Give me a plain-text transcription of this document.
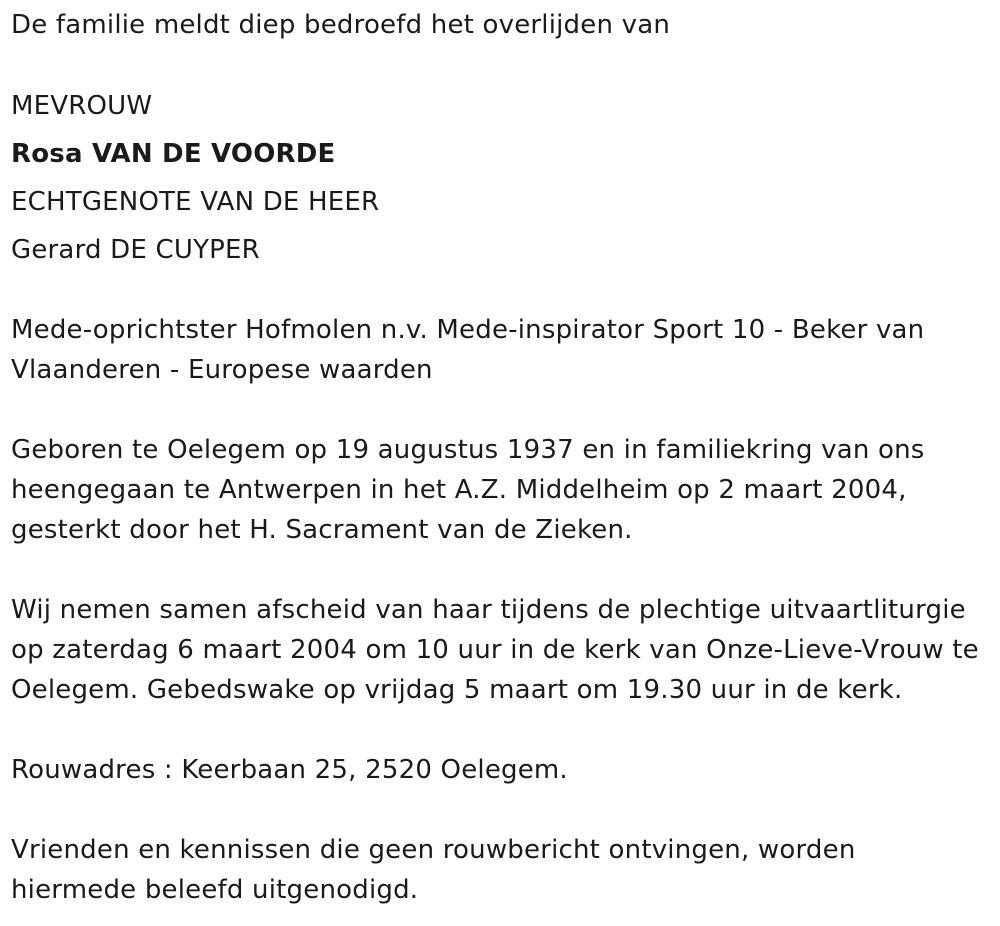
De familie meldt diep bedroefd het overlijden van
MEVROUW
Rosa VAN DE VOORDE
ECHTGENOTE VAN DE HEER
Gerard DE CUYPER
Mede-oprichtster Hofmolen n.v. Mede-inspirator Sport 10 - Beker van
Vlaanderen - Europese waarden
Geboren te Oelegem op 19 augustus 1937 en in familiekring van ons
heengegaan te Antwerpen in het A.Z. Middelheim op 2 maart 2004,
gesterkt door het H. Sacrament van de Zieken.
Wij nemen samen afscheid van haar tijdens de plechtige uitvaartliturgie
op zaterdag 6 maart 2004 om 10 uur in de kerk van Onze-Lieve-Vrouw te
Oelegem. Gebedswake op vrijdag 5 maart om 19.30 uur in de kerk.
Rouwadres : Keerbaan 25, 2520 Oelegem.
Vrienden en kennissen die geen rouwbericht ontvingen, worden
hiermede beleefd uitgenodigd.
